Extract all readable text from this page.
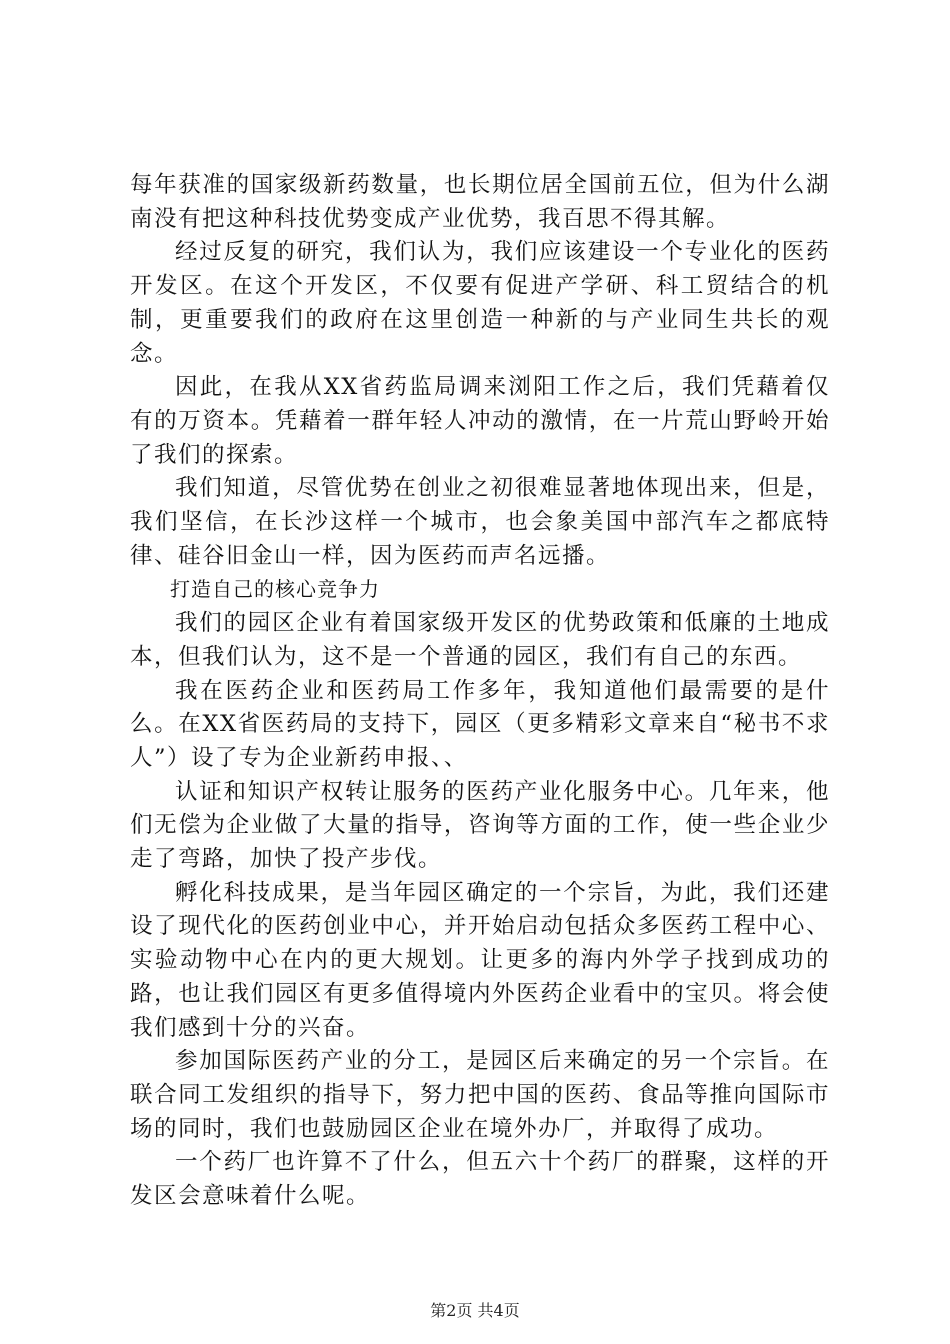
每年获准的国家级新药数量，也长期位居全国前五位，但为什么湖南没有把这种科技优势变成产业优势，我百思不得其解。

经过反复的研究，我们认为，我们应该建设一个专业化的医药开发区。在这个开发区，不仅要有促进产学研、科工贸结合的机制，更重要我们的政府在这里创造一种新的与产业同生共长的观念。

因此，在我从XX省药监局调来浏阳工作之后，我们凭藉着仅有的万资本。凭藉着一群年轻人冲动的激情，在一片荒山野岭开始了我们的探索。

我们知道，尽管优势在创业之初很难显著地体现出来，但是，我们坚信，在长沙这样一个城市，也会象美国中部汽车之都底特律、硅谷旧金山一样，因为医药而声名远播。

打造自己的核心竞争力

我们的园区企业有着国家级开发区的优势政策和低廉的土地成本，但我们认为，这不是一个普通的园区，我们有自己的东西。

我在医药企业和医药局工作多年，我知道他们最需要的是什么。在XX省医药局的支持下，园区（更多精彩文章来自“秘书不求人”）设了专为企业新药申报、、

认证和知识产权转让服务的医药产业化服务中心。几年来，他们无偿为企业做了大量的指导，咨询等方面的工作，使一些企业少走了弯路，加快了投产步伐。

孵化科技成果，是当年园区确定的一个宗旨，为此，我们还建设了现代化的医药创业中心，并开始启动包括众多医药工程中心、实验动物中心在内的更大规划。让更多的海内外学子找到成功的路，也让我们园区有更多值得境内外医药企业看中的宝贝。将会使我们感到十分的兴奋。

参加国际医药产业的分工，是园区后来确定的另一个宗旨。在联合同工发组织的指导下，努力把中国的医药、食品等推向国际市场的同时，我们也鼓励园区企业在境外办厂，并取得了成功。

一个药厂也许算不了什么，但五六十个药厂的群聚，这样的开发区会意味着什么呢。

第2页 共4页
